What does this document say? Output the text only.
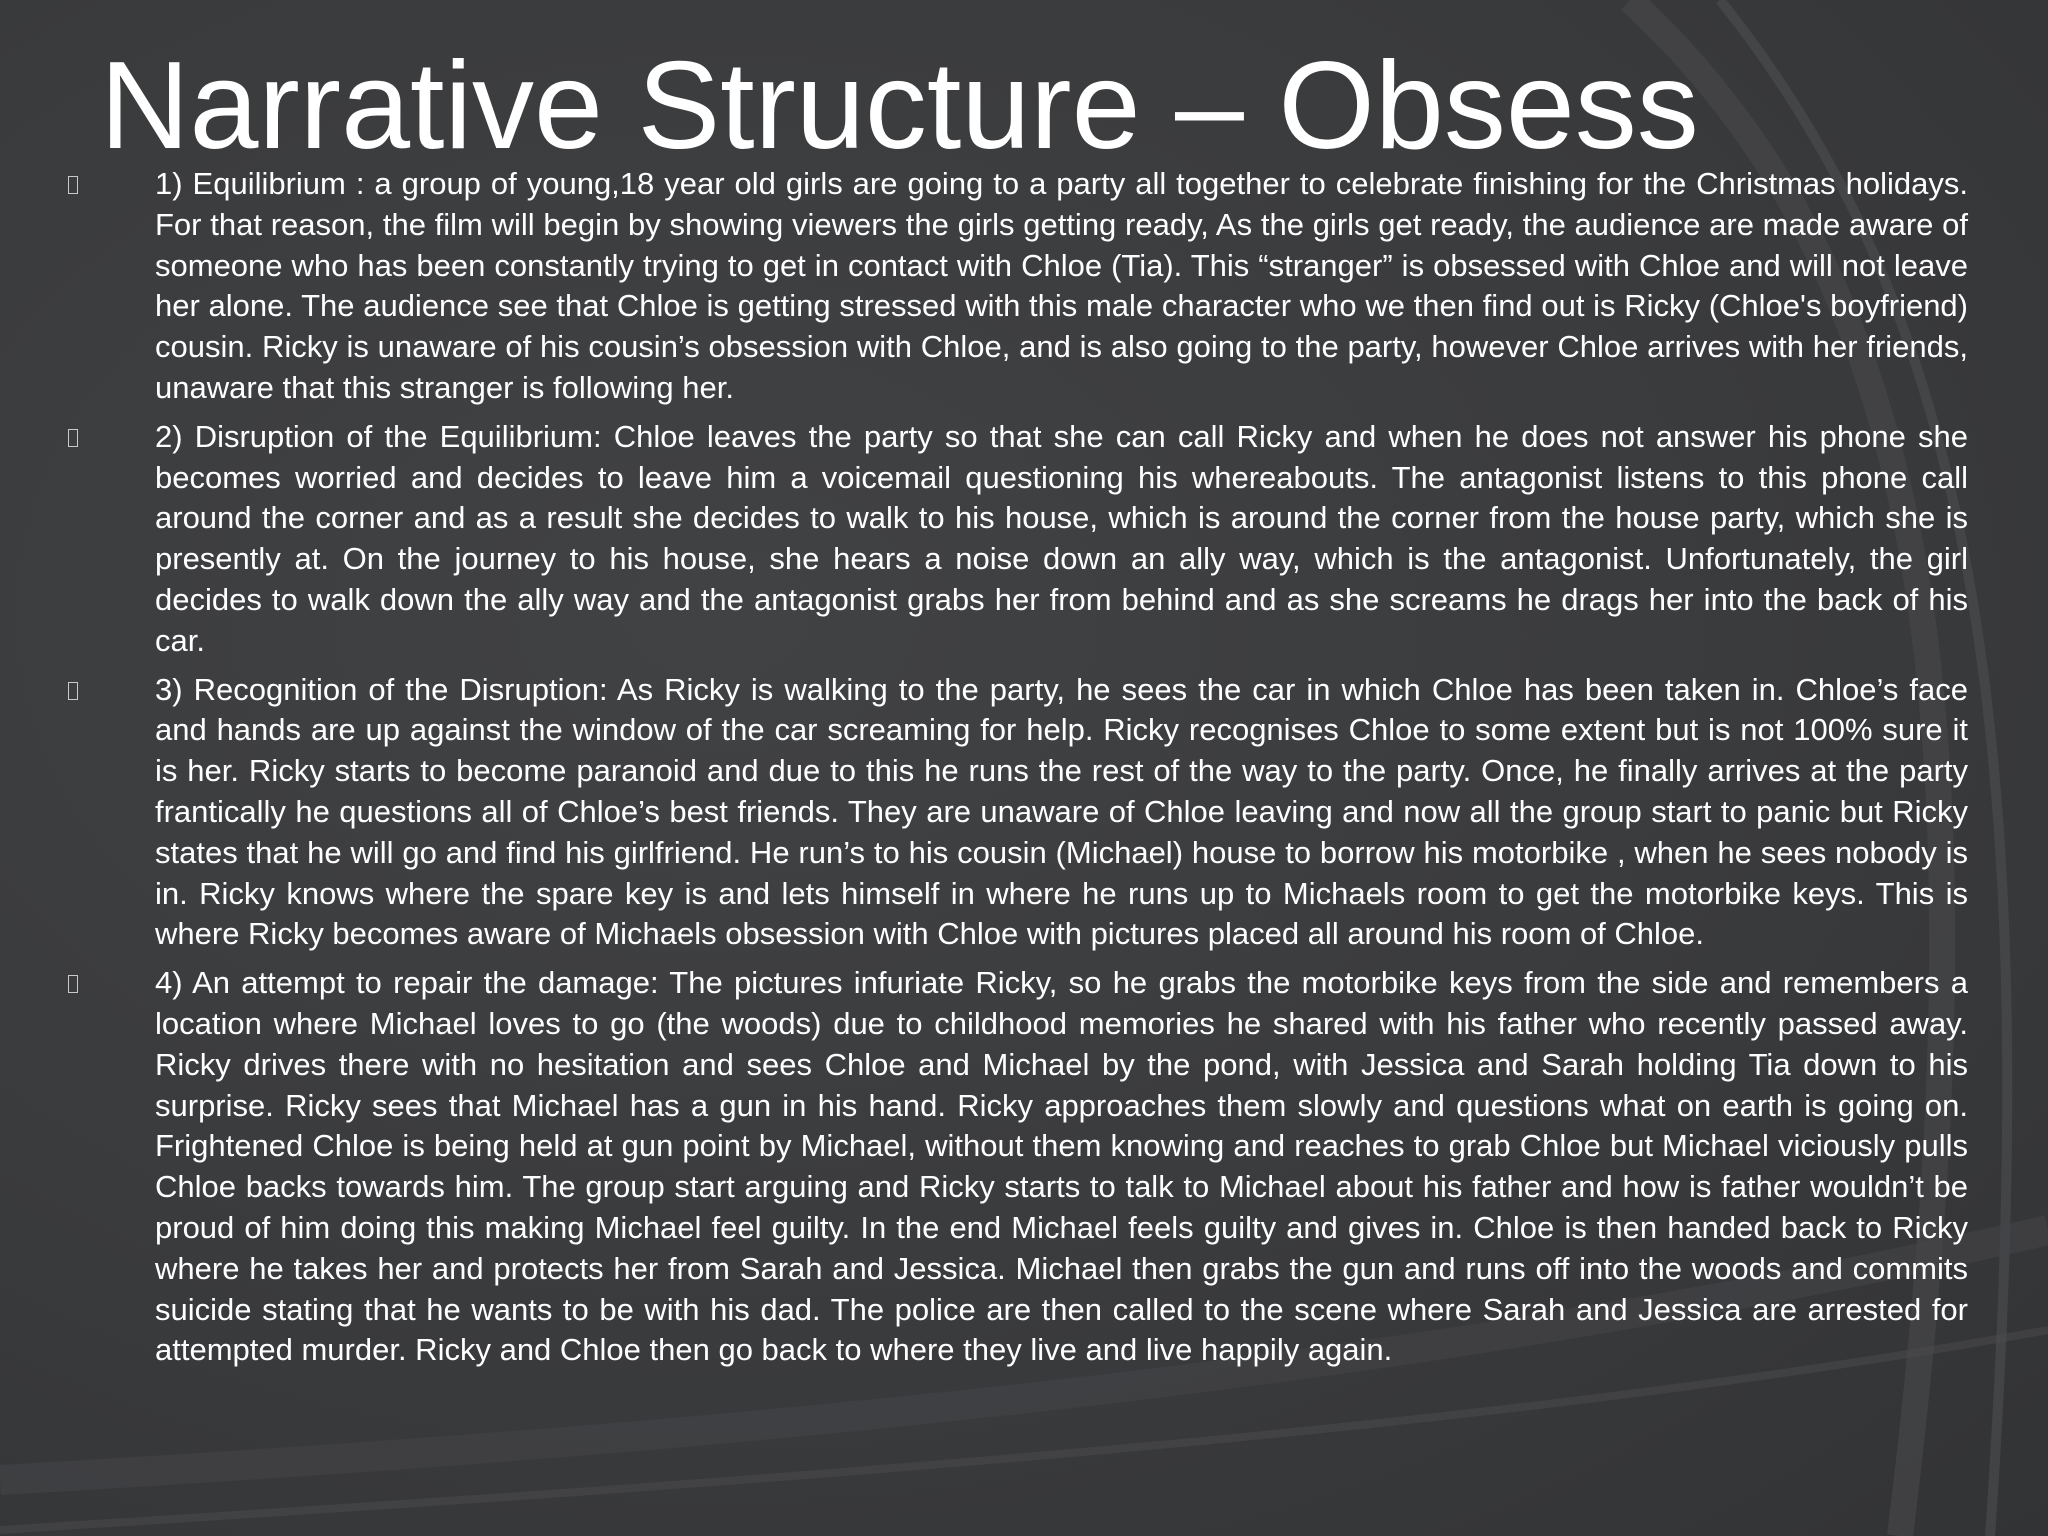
Narrative Structure – Obsess

1) Equilibrium : a group of young,18 year old girls are going to a party all together to celebrate finishing for the Christmas holidays. For that reason, the film will begin by showing viewers the girls getting ready, As the girls get ready, the audience are made aware of someone who has been constantly trying to get in contact with Chloe (Tia). This “stranger” is obsessed with Chloe and will not leave her alone. The audience see that Chloe is getting stressed with this male character who we then find out is Ricky (Chloe's boyfriend) cousin. Ricky is unaware of his cousin’s obsession with Chloe, and is also going to the party, however Chloe arrives with her friends, unaware that this stranger is following her.

2) Disruption of the Equilibrium: Chloe leaves the party so that she can call Ricky and when he does not answer his phone she becomes worried and decides to leave him a voicemail questioning his whereabouts. The antagonist listens to this phone call around the corner and as a result she decides to walk to his house, which is around the corner from the house party, which she is presently at. On the journey to his house, she hears a noise down an ally way, which is the antagonist. Unfortunately, the girl decides to walk down the ally way and the antagonist grabs her from behind and as she screams he drags her into the back of his car.

3) Recognition of the Disruption: As Ricky is walking to the party, he sees the car in which Chloe has been taken in. Chloe’s face and hands are up against the window of the car screaming for help. Ricky recognises Chloe to some extent but is not 100% sure it is her. Ricky starts to become paranoid and due to this he runs the rest of the way to the party. Once, he finally arrives at the party frantically he questions all of Chloe’s best friends. They are unaware of Chloe leaving and now all the group start to panic but Ricky states that he will go and find his girlfriend. He run’s to his cousin (Michael) house to borrow his motorbike , when he sees nobody is in. Ricky knows where the spare key is and lets himself in where he runs up to Michaels room to get the motorbike keys. This is where Ricky becomes aware of Michaels obsession with Chloe with pictures placed all around his room of Chloe.

4) An attempt to repair the damage: The pictures infuriate Ricky, so he grabs the motorbike keys from the side and remembers a location where Michael loves to go (the woods) due to childhood memories he shared with his father who recently passed away. Ricky drives there with no hesitation and sees Chloe and Michael by the pond, with Jessica and Sarah holding Tia down to his surprise. Ricky sees that Michael has a gun in his hand. Ricky approaches them slowly and questions what on earth is going on. Frightened Chloe is being held at gun point by Michael, without them knowing and reaches to grab Chloe but Michael viciously pulls Chloe backs towards him. The group start arguing and Ricky starts to talk to Michael about his father and how is father wouldn’t be proud of him doing this making Michael feel guilty. In the end Michael feels guilty and gives in. Chloe is then handed back to Ricky where he takes her and protects her from Sarah and Jessica. Michael then grabs the gun and runs off into the woods and commits suicide stating that he wants to be with his dad. The police are then called to the scene where Sarah and Jessica are arrested for attempted murder. Ricky and Chloe then go back to where they live and live happily again.
